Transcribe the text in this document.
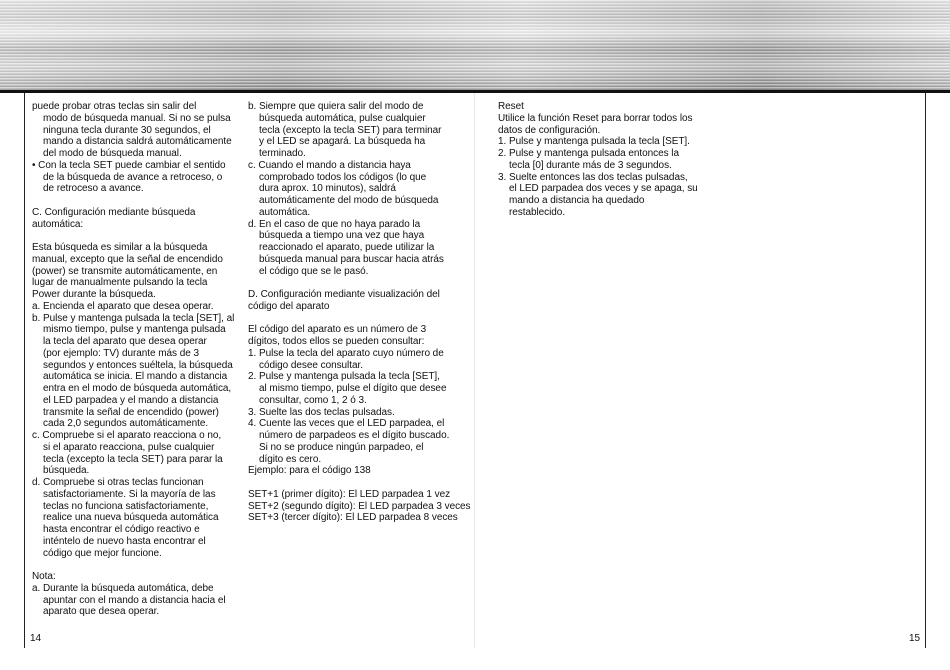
puede probar otras teclas sin salir del
modo de búsqueda manual. Si no se pulsa
ninguna tecla durante 30 segundos, el
mando a distancia saldrá automáticamente
del modo de búsqueda manual.
• Con la tecla SET puede cambiar el sentido
de la búsqueda de avance a retroceso, o
de retroceso a avance.
C. Configuración mediante búsqueda
automática:
Esta búsqueda es similar a la búsqueda
manual, excepto que la señal de encendido
(power) se transmite automáticamente, en
lugar de manualmente pulsando la tecla
Power durante la búsqueda.
a. Encienda el aparato que desea operar.
b. Pulse y mantenga pulsada la tecla [SET], al
mismo tiempo, pulse y mantenga pulsada
la tecla del aparato que desea operar
(por ejemplo: TV) durante más de 3
segundos y entonces suéltela, la búsqueda
automática se inicia. El mando a distancia
entra en el modo de búsqueda automática,
el LED parpadea y el mando a distancia
transmite la señal de encendido (power)
cada 2,0 segundos automáticamente.
c. Compruebe si el aparato reacciona o no,
si el aparato reacciona, pulse cualquier
tecla (excepto la tecla SET) para parar la
búsqueda.
d. Compruebe si otras teclas funcionan
satisfactoriamente. Si la mayoría de las
teclas no funciona satisfactoriamente,
realice una nueva búsqueda automática
hasta encontrar el código reactivo e
inténtelo de nuevo hasta encontrar el
código que mejor funcione.
Nota:
a. Durante la búsqueda automática, debe
apuntar con el mando a distancia hacia el
aparato que desea operar.
b. Siempre que quiera salir del modo de
búsqueda automática, pulse cualquier
tecla (excepto la tecla SET) para terminar
y el LED se apagará. La búsqueda ha
terminado.
c. Cuando el mando a distancia haya
comprobado todos los códigos (lo que
dura aprox. 10 minutos), saldrá
automáticamente del modo de búsqueda
automática.
d. En el caso de que no haya parado la
búsqueda a tiempo una vez que haya
reaccionado el aparato, puede utilizar la
búsqueda manual para buscar hacia atrás
el código que se le pasó.
D. Configuración mediante visualización del
código del aparato
El código del aparato es un número de 3
dígitos, todos ellos se pueden consultar:
1. Pulse la tecla del aparato cuyo número de
código desee consultar.
2. Pulse y mantenga pulsada la tecla [SET],
al mismo tiempo, pulse el dígito que desee
consultar, como 1, 2 ó 3.
3. Suelte las dos teclas pulsadas.
4. Cuente las veces que el LED parpadea, el
número de parpadeos es el dígito buscado.
Si no se produce ningún parpadeo, el
dígito es cero.
Ejemplo: para el código 138
SET+1 (primer dígito): El LED parpadea 1 vez
SET+2 (segundo dígito): El LED parpadea 3 veces
SET+3 (tercer dígito): El LED parpadea 8 veces
Reset
Utilice la función Reset para borrar todos los
datos de configuración.
1. Pulse y mantenga pulsada la tecla [SET].
2. Pulse y mantenga pulsada entonces la
tecla [0] durante más de 3 segundos.
3. Suelte entonces las dos teclas pulsadas,
el LED parpadea dos veces y se apaga, su
mando a distancia ha quedado
restablecido.
14	15
